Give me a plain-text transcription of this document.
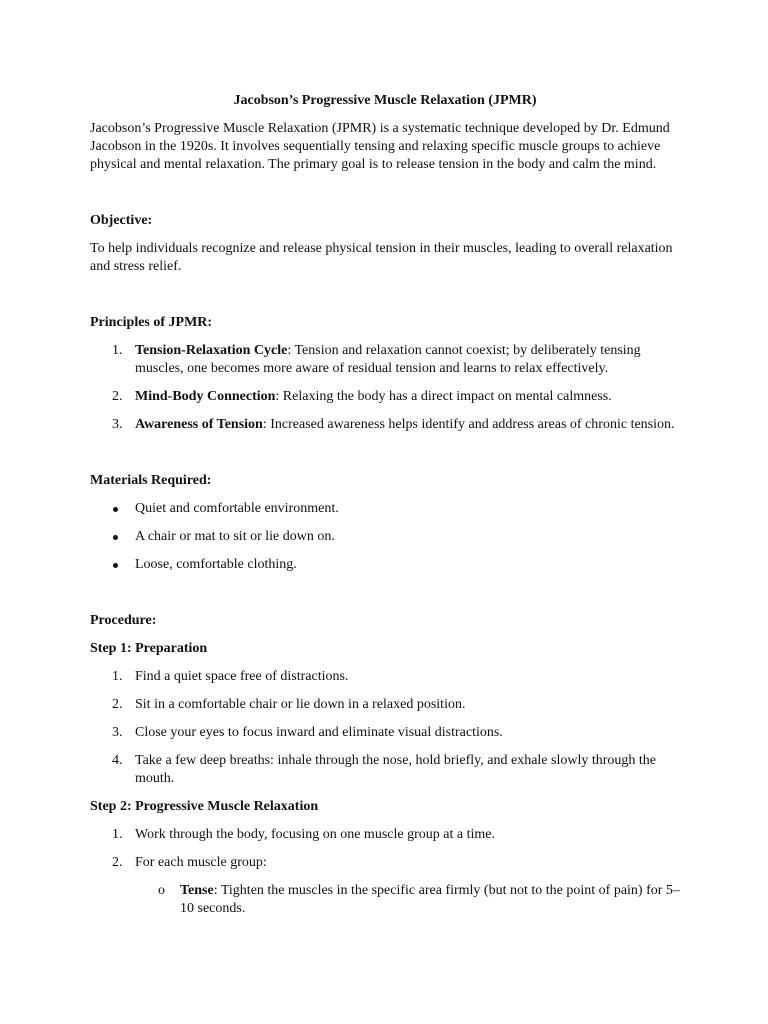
Jacobson’s Progressive Muscle Relaxation (JPMR)

Jacobson’s Progressive Muscle Relaxation (JPMR) is a systematic technique developed by Dr. Edmund Jacobson in the 1920s. It involves sequentially tensing and relaxing specific muscle groups to achieve physical and mental relaxation. The primary goal is to release tension in the body and calm the mind.

Objective:

To help individuals recognize and release physical tension in their muscles, leading to overall relaxation and stress relief.

Principles of JPMR:

1. Tension-Relaxation Cycle: Tension and relaxation cannot coexist; by deliberately tensing muscles, one becomes more aware of residual tension and learns to relax effectively.
2. Mind-Body Connection: Relaxing the body has a direct impact on mental calmness.
3. Awareness of Tension: Increased awareness helps identify and address areas of chronic tension.

Materials Required:

Quiet and comfortable environment.
A chair or mat to sit or lie down on.
Loose, comfortable clothing.

Procedure:

Step 1: Preparation

1. Find a quiet space free of distractions.
2. Sit in a comfortable chair or lie down in a relaxed position.
3. Close your eyes to focus inward and eliminate visual distractions.
4. Take a few deep breaths: inhale through the nose, hold briefly, and exhale slowly through the mouth.

Step 2: Progressive Muscle Relaxation

1. Work through the body, focusing on one muscle group at a time.
2. For each muscle group:
o Tense: Tighten the muscles in the specific area firmly (but not to the point of pain) for 5–10 seconds.
